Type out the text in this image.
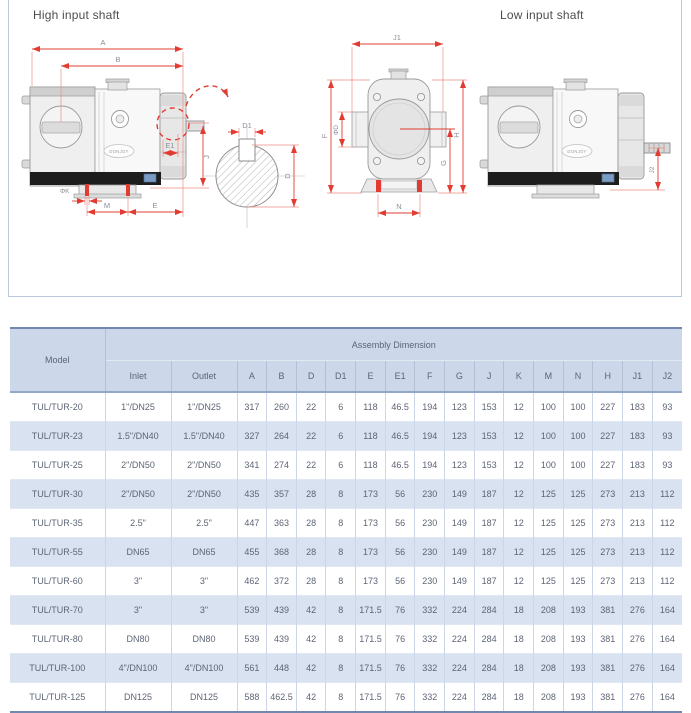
High input shaft	Low input shaft
DONJOY
A
B
E1
J
ΦK
M	E
D1
D
J1
F
ΦD
G
H
N
DONJOY
J2
Model	Assembly Dimension																
	Inlet	Outlet	A	B	D	D1	E	E1	F	G	J	K	M	N	H	J1	J2
TUL/TUR-20	1"/DN25	1"/DN25	317	260	22	6	118	46.5	194	123	153	12	100	100	227	183	93
TUL/TUR-23	1.5"/DN40	1.5"/DN40	327	264	22	6	118	46.5	194	123	153	12	100	100	227	183	93
TUL/TUR-25	2"/DN50	2"/DN50	341	274	22	6	118	46.5	194	123	153	12	100	100	227	183	93
TUL/TUR-30	2"/DN50	2"/DN50	435	357	28	8	173	56	230	149	187	12	125	125	273	213	112
TUL/TUR-35	2.5"	2.5"	447	363	28	8	173	56	230	149	187	12	125	125	273	213	112
TUL/TUR-55	DN65	DN65	455	368	28	8	173	56	230	149	187	12	125	125	273	213	112
TUL/TUR-60	3"	3"	462	372	28	8	173	56	230	149	187	12	125	125	273	213	112
TUL/TUR-70	3"	3"	539	439	42	8	171.5	76	332	224	284	18	208	193	381	276	164
TUL/TUR-80	DN80	DN80	539	439	42	8	171.5	76	332	224	284	18	208	193	381	276	164
TUL/TUR-100	4"/DN100	4"/DN100	561	448	42	8	171.5	76	332	224	284	18	208	193	381	276	164
TUL/TUR-125	DN125	DN125	588	462.5	42	8	171.5	76	332	224	284	18	208	193	381	276	164
